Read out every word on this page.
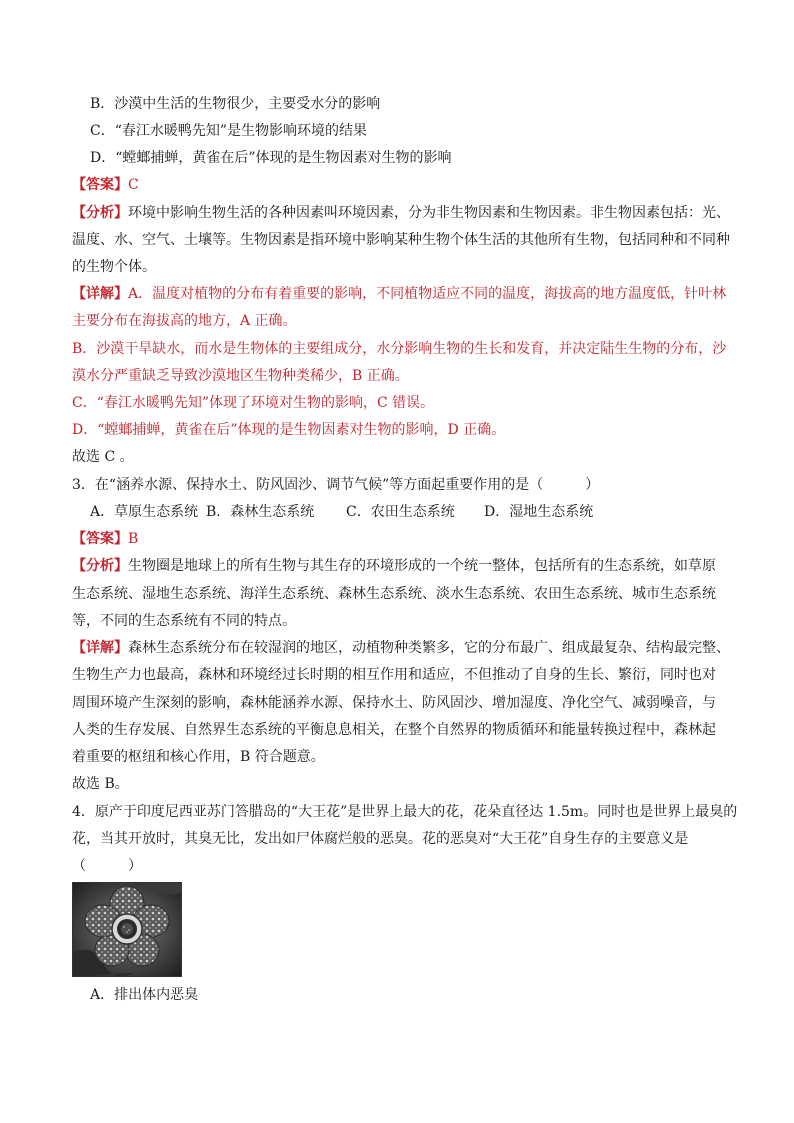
B．沙漠中生活的生物很少，主要受水分的影响
C．“春江水暖鸭先知”是生物影响环境的结果
D．“螳螂捕蝉，黄雀在后”体现的是生物因素对生物的影响
【答案】C
【分析】环境中影响生物生活的各种因素叫环境因素，分为非生物因素和生物因素。非生物因素包括：光、
温度、水、空气、土壤等。生物因素是指环境中影响某种生物个体生活的其他所有生物，包括同种和不同种
的生物个体。
【详解】A．温度对植物的分布有着重要的影响，不同植物适应不同的温度，海拔高的地方温度低，针叶林
主要分布在海拔高的地方，A 正确。
B．沙漠干旱缺水，而水是生物体的主要组成分，水分影响生物的生长和发育，并决定陆生生物的分布，沙
漠水分严重缺乏导致沙漠地区生物种类稀少，B 正确。
C．“春江水暖鸭先知”体现了环境对生物的影响，C 错误。
D．“螳螂捕蝉，黄雀在后”体现的是生物因素对生物的影响，D 正确。
故选 C 。
3．在“涵养水源、保持水土、防风固沙、调节气候”等方面起重要作用的是（　　　）
A．草原生态系统 B．森林生态系统 C．农田生态系统 D．湿地生态系统
【答案】B
【分析】生物圈是地球上的所有生物与其生存的环境形成的一个统一整体，包括所有的生态系统，如草原
生态系统、湿地生态系统、海洋生态系统、森林生态系统、淡水生态系统、农田生态系统、城市生态系统
等，不同的生态系统有不同的特点。
【详解】森林生态系统分布在较湿润的地区，动植物种类繁多，它的分布最广、组成最复杂、结构最完整、
生物生产力也最高，森林和环境经过长时期的相互作用和适应，不但推动了自身的生长、繁衍，同时也对
周围环境产生深刻的影响，森林能涵养水源、保持水土、防风固沙、增加湿度、净化空气、减弱噪音，与
人类的生存发展、自然界生态系统的平衡息息相关，在整个自然界的物质循环和能量转换过程中，森林起
着重要的枢纽和核心作用，B 符合题意。
故选 B。
4．原产于印度尼西亚苏门答腊岛的“大王花”是世界上最大的花，花朵直径达 1.5m。同时也是世界上最臭的
花，当其开放时，其臭无比，发出如尸体腐烂般的恶臭。花的恶臭对“大王花”自身生存的主要意义是
（　　　）
A．排出体内恶臭
